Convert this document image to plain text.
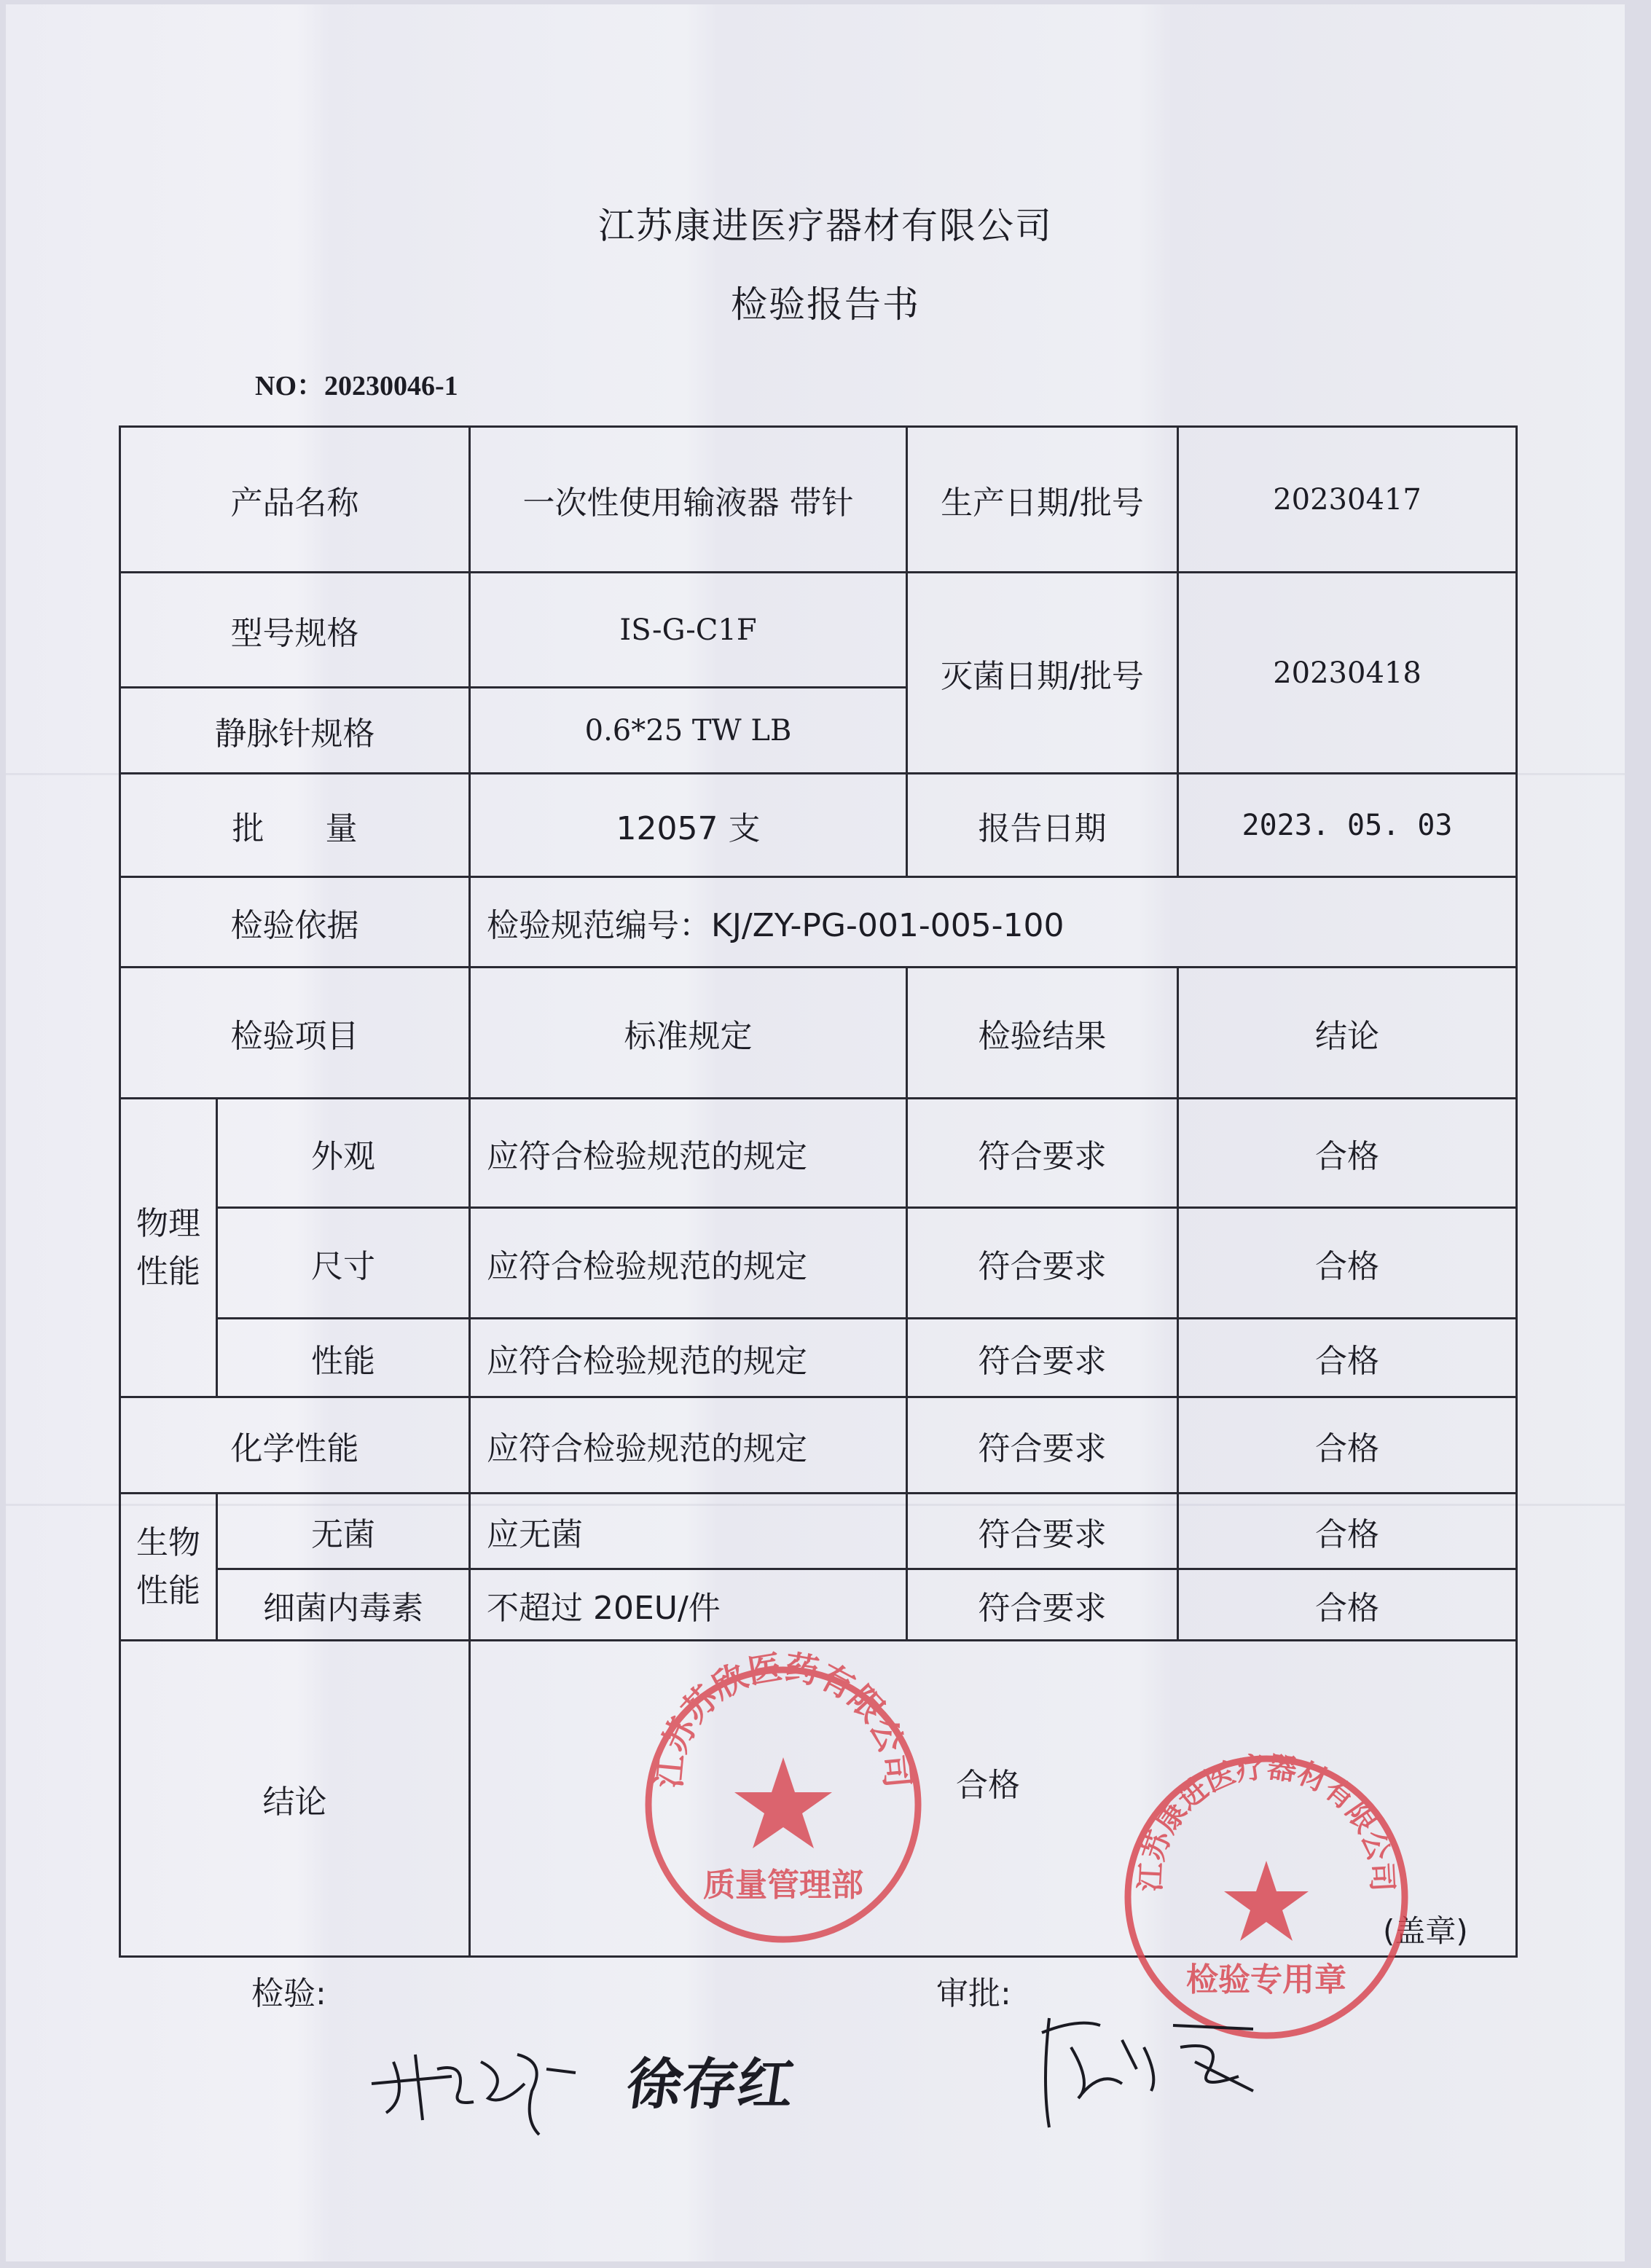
江苏康进医疗器材有限公司
检验报告书
NO：20230046-1
产品名称		一次性使用输液器 带针	生产日期/批号	20230417
型号规格		IS-G-C1F	灭菌日期/批号	20230418
静脉针规格		0.6*25 TW LB		
批      量		12057 支	报告日期	2023. 05. 03
检验依据		检验规范编号：KJ/ZY-PG-001-005-100		
检验项目		标准规定	检验结果	结论
物理性能	外观	应符合检验规范的规定	符合要求	合格
	尺寸	应符合检验规范的规定	符合要求	合格
	性能	应符合检验规范的规定	符合要求	合格
化学性能		应符合检验规范的规定	符合要求	合格
生物性能	无菌	应无菌	符合要求	合格
	细菌内毒素	不超过 20EU/件	符合要求	合格
结论					合格
(盖章)
江苏苏欣医药有限公司
质量管理部	江苏康进医疗器材有限公司
检验专用章
检验:	审批:
徐存红
